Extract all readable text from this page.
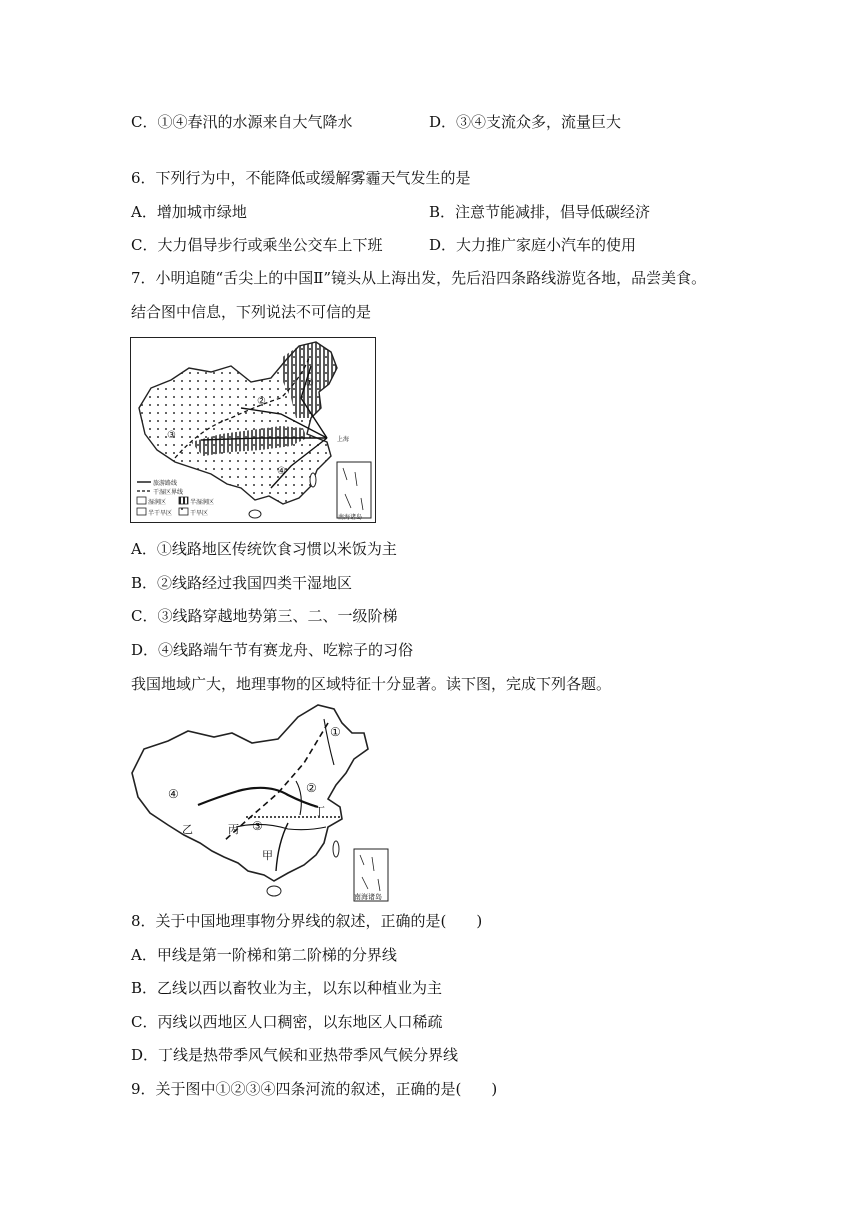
C．①④春汛的水源来自大气降水	D．③④支流众多，流量巨大
6．下列行为中，不能降低或缓解雾霾天气发生的是
A．增加城市绿地	B．注意节能减排，倡导低碳经济
C．大力倡导步行或乘坐公交车上下班	D．大力推广家庭小汽车的使用
7．小明追随“舌尖上的中国Ⅱ”镜头从上海出发，先后沿四条路线游览各地，品尝美食。
结合图中信息，下列说法不可信的是
①
②
③
④
上海
南海诸岛
旅游路线
干湿区界线
湿润区	半湿润区
半干旱区	干旱区
A．①线路地区传统饮食习惯以米饭为主
B．②线路经过我国四类干湿地区
C．③线路穿越地势第三、二、一级阶梯
D．④线路端午节有赛龙舟、吃粽子的习俗
我国地域广大，地理事物的区域特征十分显著。读下图，完成下列各题。
①
②
③
④
甲
乙	丙
丁
南海诸岛
8．关于中国地理事物分界线的叙述，正确的是(　　)
A．甲线是第一阶梯和第二阶梯的分界线
B．乙线以西以畜牧业为主，以东以种植业为主
C．丙线以西地区人口稠密，以东地区人口稀疏
D．丁线是热带季风气候和亚热带季风气候分界线
9．关于图中①②③④四条河流的叙述，正确的是(　　)
